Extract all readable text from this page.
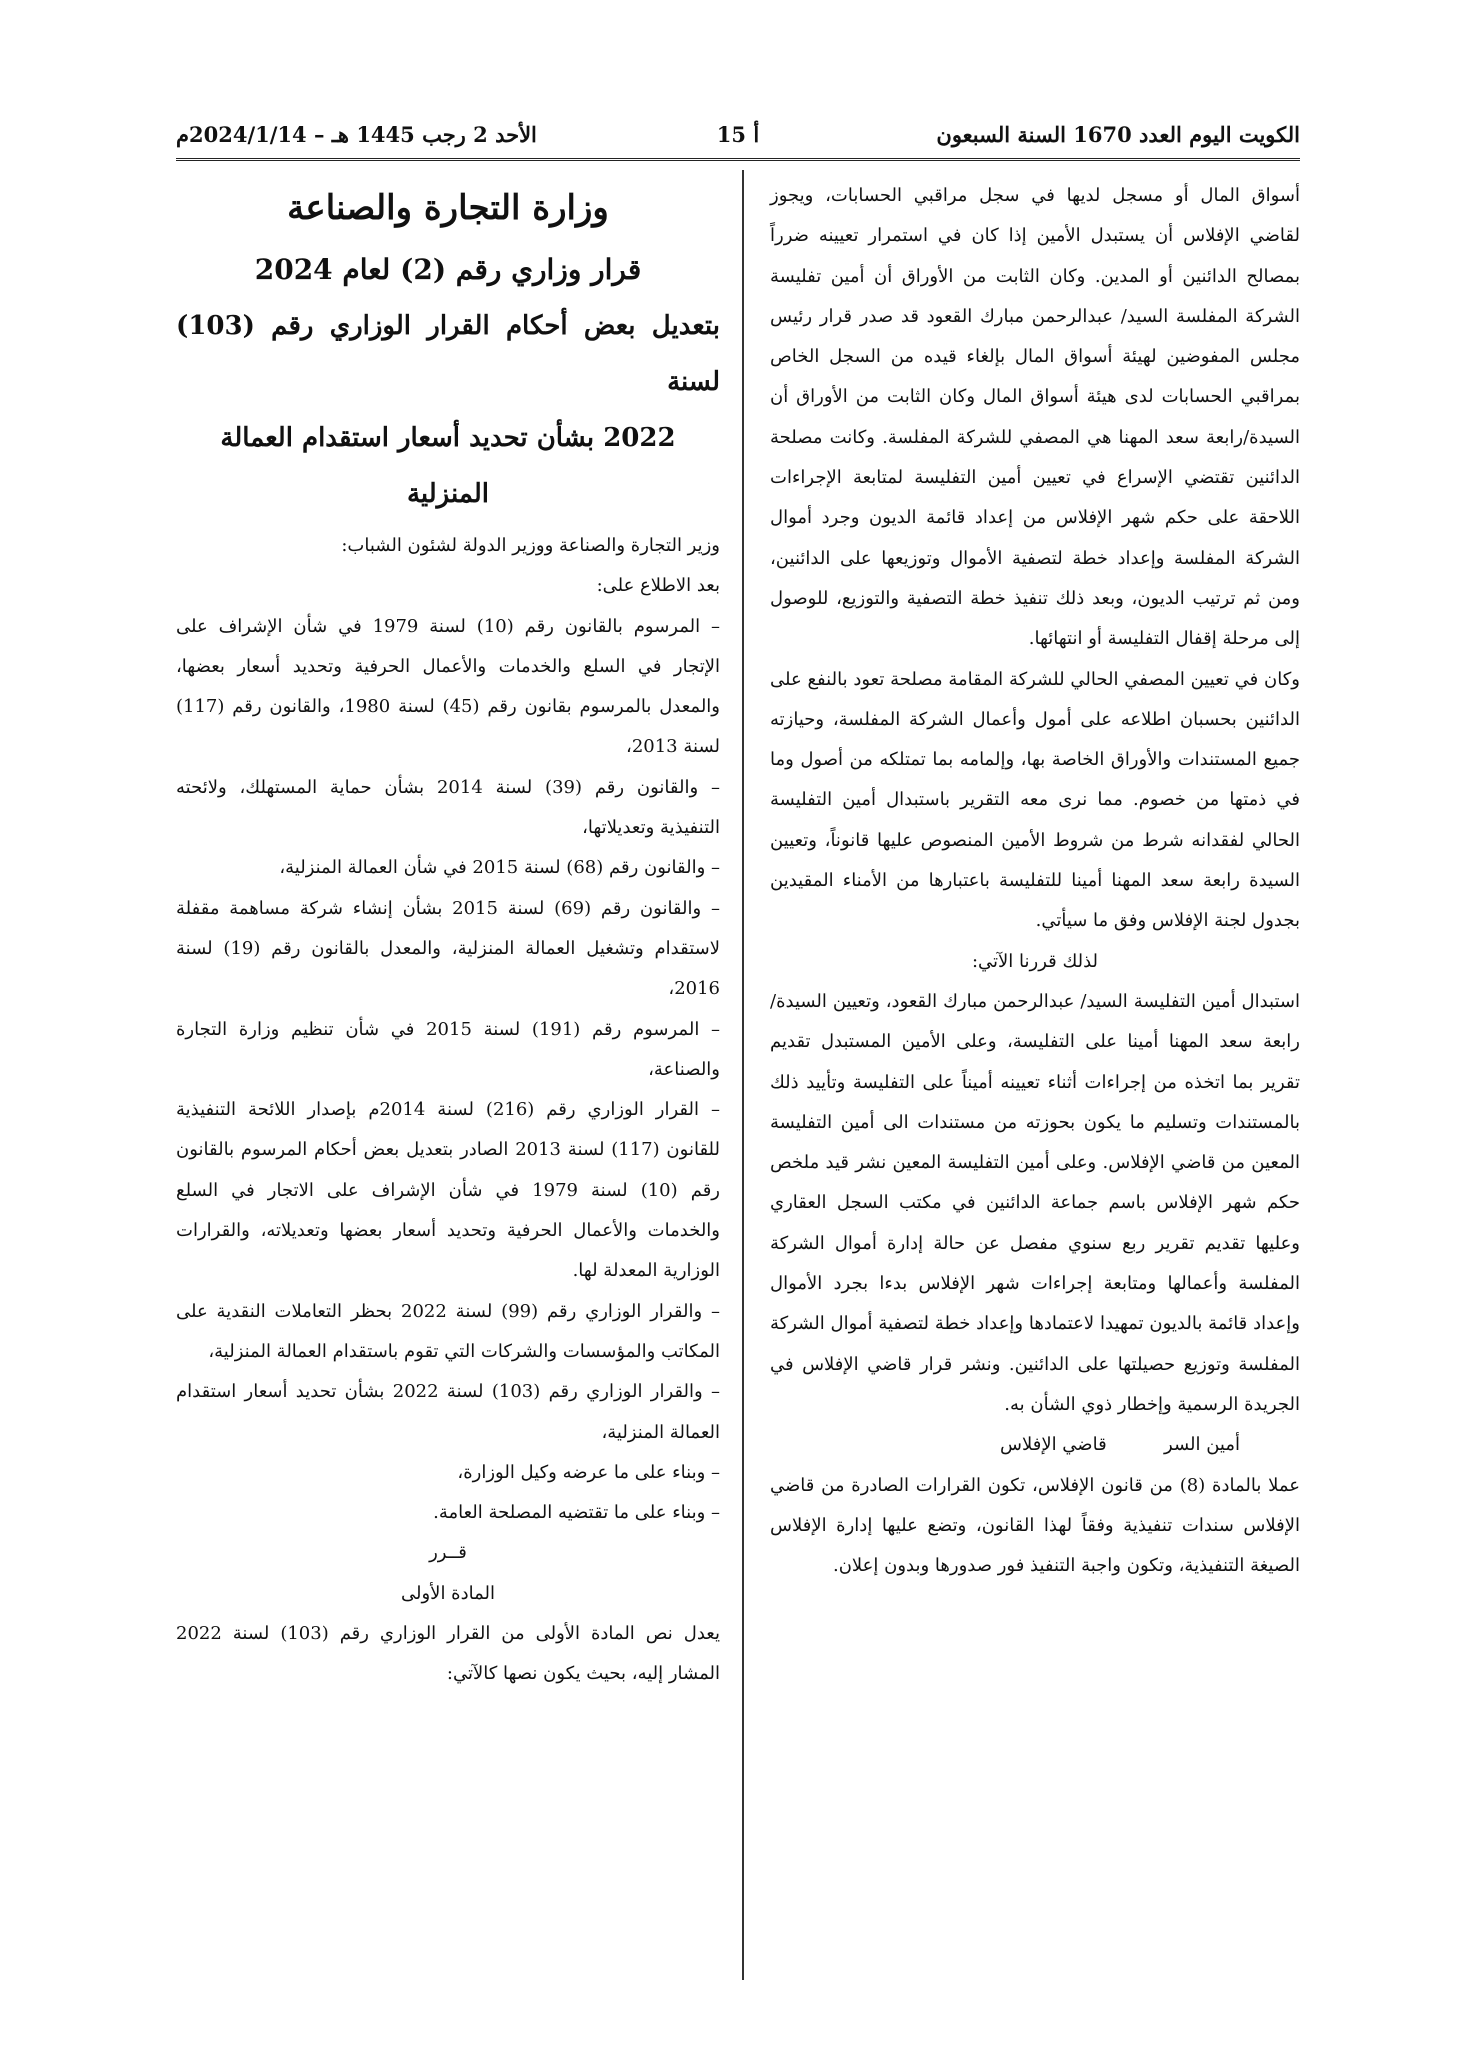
الكويت اليوم العدد 1670 السنة السبعون
أ 15
الأحد 2 رجب 1445 هـ – 2024/1/14م

أسواق المال أو مسجل لديها في سجل مراقبي الحسابات، ويجوز لقاضي الإفلاس أن يستبدل الأمين إذا كان في استمرار تعيينه ضرراً بمصالح الدائنين أو المدين. وكان الثابت من الأوراق أن أمين تفليسة الشركة المفلسة السيد/ عبدالرحمن مبارك القعود قد صدر قرار رئيس مجلس المفوضين لهيئة أسواق المال بإلغاء قيده من السجل الخاص بمراقبي الحسابات لدى هيئة أسواق المال وكان الثابت من الأوراق أن السيدة/رابعة سعد المهنا هي المصفي للشركة المفلسة. وكانت مصلحة الدائنين تقتضي الإسراع في تعيين أمين التفليسة لمتابعة الإجراءات اللاحقة على حكم شهر الإفلاس من إعداد قائمة الديون وجرد أموال الشركة المفلسة وإعداد خطة لتصفية الأموال وتوزيعها على الدائنين، ومن ثم ترتيب الديون، وبعد ذلك تنفيذ خطة التصفية والتوزيع، للوصول إلى مرحلة إقفال التفليسة أو انتهائها.

وكان في تعيين المصفي الحالي للشركة المقامة مصلحة تعود بالنفع على الدائنين بحسبان اطلاعه على أمول وأعمال الشركة المفلسة، وحيازته جميع المستندات والأوراق الخاصة بها، وإلمامه بما تمتلكه من أصول وما في ذمتها من خصوم. مما نرى معه التقرير باستبدال أمين التفليسة الحالي لفقدانه شرط من شروط الأمين المنصوص عليها قانوناً، وتعيين السيدة رابعة سعد المهنا أمينا للتفليسة باعتبارها من الأمناء المقيدين بجدول لجنة الإفلاس وفق ما سيأتي.

لذلك قررنا الآتي:

استبدال أمين التفليسة السيد/ عبدالرحمن مبارك القعود، وتعيين السيدة/ رابعة سعد المهنا أمينا على التفليسة، وعلى الأمين المستبدل تقديم تقرير بما اتخذه من إجراءات أثناء تعيينه أميناً على التفليسة وتأييد ذلك بالمستندات وتسليم ما يكون بحوزته من مستندات الى أمين التفليسة المعين من قاضي الإفلاس. وعلى أمين التفليسة المعين نشر قيد ملخص حكم شهر الإفلاس باسم جماعة الدائنين في مكتب السجل العقاري وعليها تقديم تقرير ربع سنوي مفصل عن حالة إدارة أموال الشركة المفلسة وأعمالها ومتابعة إجراءات شهر الإفلاس بدءا بجرد الأموال وإعداد قائمة بالديون تمهيدا لاعتمادها وإعداد خطة لتصفية أموال الشركة المفلسة وتوزيع حصيلتها على الدائنين. ونشر قرار قاضي الإفلاس في الجريدة الرسمية وإخطار ذوي الشأن به.

أمين السر
قاضي الإفلاس

عملا بالمادة (8) من قانون الإفلاس، تكون القرارات الصادرة من قاضي الإفلاس سندات تنفيذية وفقاً لهذا القانون، وتضع عليها إدارة الإفلاس الصيغة التنفيذية، وتكون واجبة التنفيذ فور صدورها وبدون إعلان.

وزارة التجارة والصناعة
قرار وزاري رقم (2) لعام 2024
بتعديل بعض أحكام القرار الوزاري رقم (103) لسنة
2022 بشأن تحديد أسعار استقدام العمالة المنزلية

وزير التجارة والصناعة ووزير الدولة لشئون الشباب:

بعد الاطلاع على:

– المرسوم بالقانون رقم (10) لسنة 1979 في شأن الإشراف على الإتجار في السلع والخدمات والأعمال الحرفية وتحديد أسعار بعضها، والمعدل بالمرسوم بقانون رقم (45) لسنة 1980، والقانون رقم (117) لسنة 2013،

– والقانون رقم (39) لسنة 2014 بشأن حماية المستهلك، ولائحته التنفيذية وتعديلاتها،

– والقانون رقم (68) لسنة 2015 في شأن العمالة المنزلية،

– والقانون رقم (69) لسنة 2015 بشأن إنشاء شركة مساهمة مقفلة لاستقدام وتشغيل العمالة المنزلية، والمعدل بالقانون رقم (19) لسنة 2016،

– المرسوم رقم (191) لسنة 2015 في شأن تنظيم وزارة التجارة والصناعة،

– القرار الوزاري رقم (216) لسنة 2014م بإصدار اللائحة التنفيذية للقانون (117) لسنة 2013 الصادر بتعديل بعض أحكام المرسوم بالقانون رقم (10) لسنة 1979 في شأن الإشراف على الاتجار في السلع والخدمات والأعمال الحرفية وتحديد أسعار بعضها وتعديلاته، والقرارات الوزارية المعدلة لها.

– والقرار الوزاري رقم (99) لسنة 2022 بحظر التعاملات النقدية على المكاتب والمؤسسات والشركات التي تقوم باستقدام العمالة المنزلية،

– والقرار الوزاري رقم (103) لسنة 2022 بشأن تحديد أسعار استقدام العمالة المنزلية،

– وبناء على ما عرضه وكيل الوزارة،

– وبناء على ما تقتضيه المصلحة العامة.

قــرر

المادة الأولى

يعدل نص المادة الأولى من القرار الوزاري رقم (103) لسنة 2022 المشار إليه، بحيث يكون نصها كالآتي:
